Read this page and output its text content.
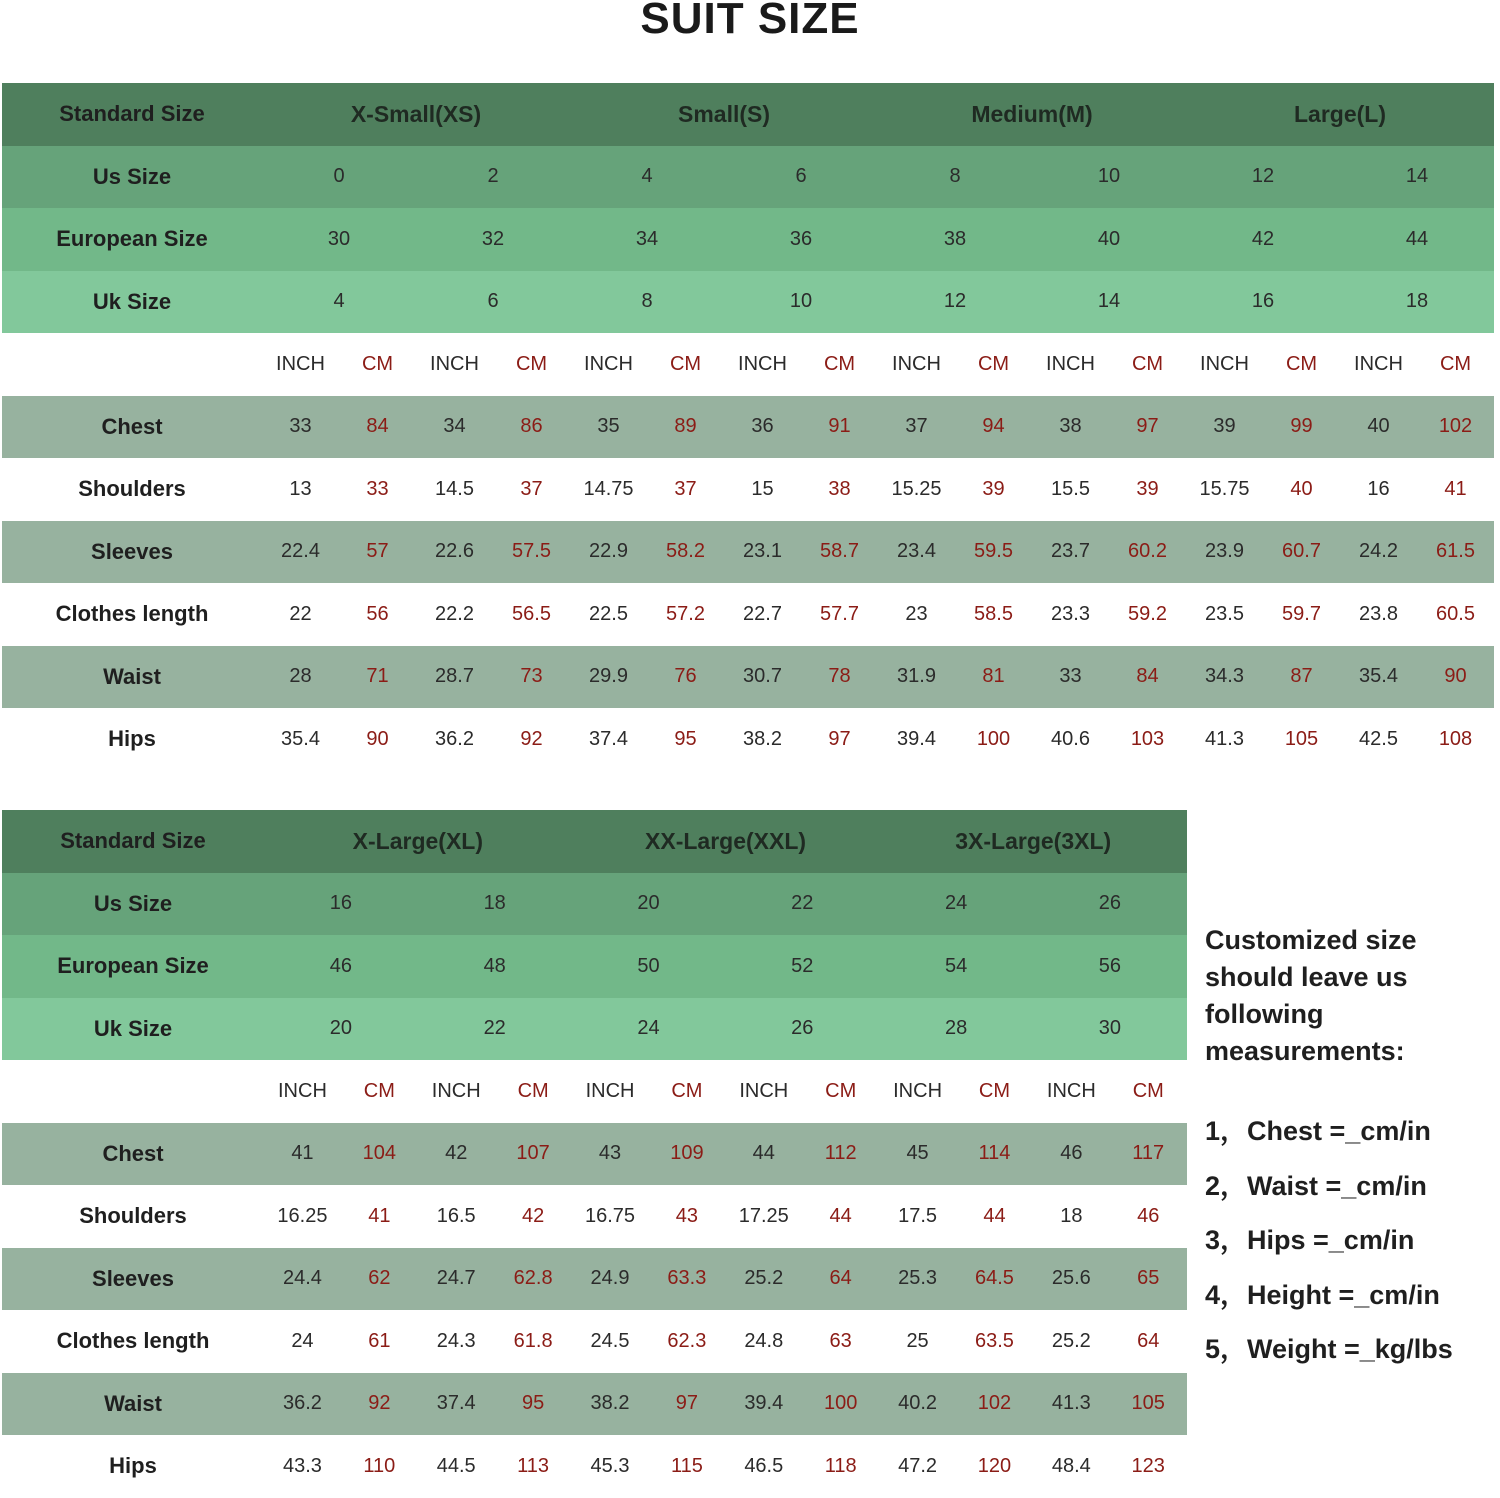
SUIT SIZE
Standard Size	X-Small(XS)	Small(S)	Medium(M)	Large(L)
Us Size	0	2	4	6	8	10	12	14
European Size	30	32	34	36	38	40	42	44
Uk Size	4	6	8	10	12	14	16	18
INCH	CM	INCH	CM	INCH	CM	INCH	CM	INCH	CM	INCH	CM	INCH	CM	INCH	CM
Chest	33	84	34	86	35	89	36	91	37	94	38	97	39	99	40	102
Shoulders	13	33	14.5	37	14.75	37	15	38	15.25	39	15.5	39	15.75	40	16	41
Sleeves	22.4	57	22.6	57.5	22.9	58.2	23.1	58.7	23.4	59.5	23.7	60.2	23.9	60.7	24.2	61.5
Clothes length	22	56	22.2	56.5	22.5	57.2	22.7	57.7	23	58.5	23.3	59.2	23.5	59.7	23.8	60.5
Waist	28	71	28.7	73	29.9	76	30.7	78	31.9	81	33	84	34.3	87	35.4	90
Hips	35.4	90	36.2	92	37.4	95	38.2	97	39.4	100	40.6	103	41.3	105	42.5	108
Standard Size	X-Large(XL)	XX-Large(XXL)	3X-Large(3XL)
Us Size	16	18	20	22	24	26
European Size	46	48	50	52	54	56
Uk Size	20	22	24	26	28	30
INCH	CM	INCH	CM	INCH	CM	INCH	CM	INCH	CM	INCH	CM
Chest	41	104	42	107	43	109	44	112	45	114	46	117
Shoulders	16.25	41	16.5	42	16.75	43	17.25	44	17.5	44	18	46
Sleeves	24.4	62	24.7	62.8	24.9	63.3	25.2	64	25.3	64.5	25.6	65
Clothes length	24	61	24.3	61.8	24.5	62.3	24.8	63	25	63.5	25.2	64
Waist	36.2	92	37.4	95	38.2	97	39.4	100	40.2	102	41.3	105
Hips	43.3	110	44.5	113	45.3	115	46.5	118	47.2	120	48.4	123
Customized size should leave us following measurements:
1，Chest =_cm/in
2，Waist =_cm/in
3，Hips =_cm/in
4，Height =_cm/in
5，Weight =_kg/lbs
